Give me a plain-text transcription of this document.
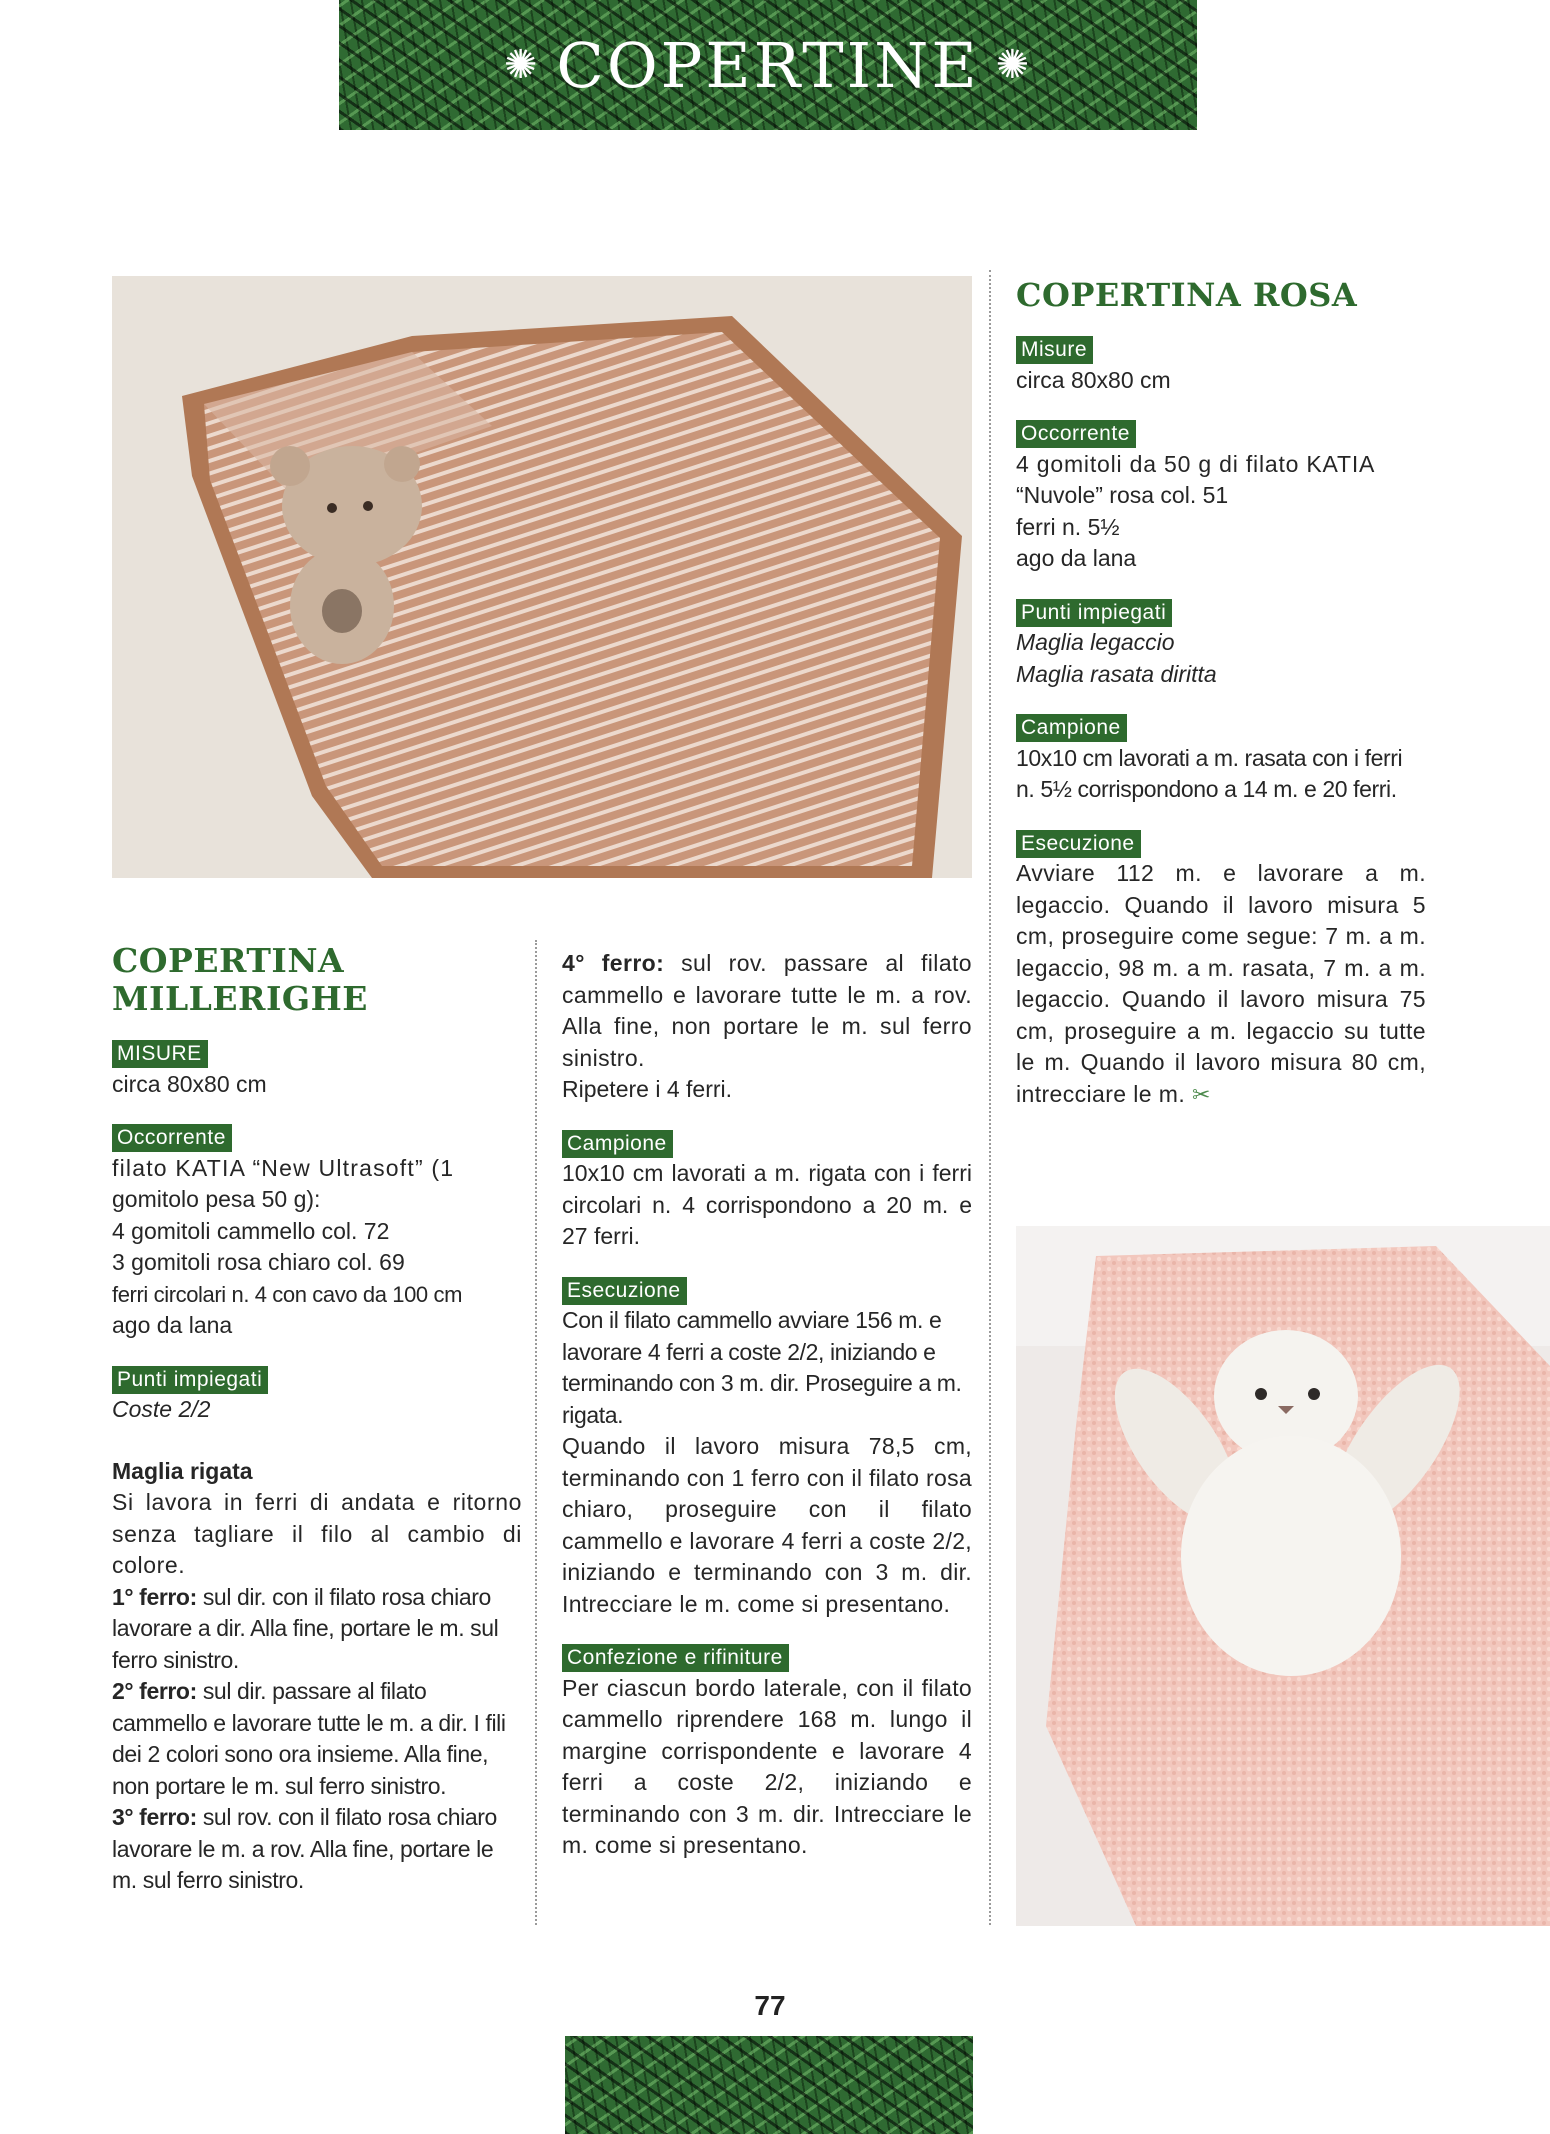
✺ COPERTINE ✺

COPERTINA

MILLERIGHE

MISURE

circa 80x80 cm

Occorrente

filato KATIA “New Ultrasoft” (1

gomitolo pesa 50 g):

4 gomitoli cammello col. 72

3 gomitoli rosa chiaro col. 69

ferri circolari n. 4 con cavo da 100 cm

ago da lana

Punti impiegati

Coste 2/2

Maglia rigata

Si lavora in ferri di andata e ritorno senza tagliare il filo al cambio di colore.

1° ferro: sul dir. con il filato rosa chiaro lavorare a dir. Alla fine, portare le m. sul ferro sinistro.

2° ferro: sul dir. passare al filato cammello e lavorare tutte le m. a dir. I fili dei 2 colori sono ora insieme. Alla fine, non portare le m. sul ferro sinistro.

3° ferro: sul rov. con il filato rosa chiaro lavorare le m. a rov. Alla fine, portare le m. sul ferro sinistro.

4° ferro: sul rov. passare al filato cammello e lavorare tutte le m. a rov. Alla fine, non portare le m. sul ferro sinistro.

Ripetere i 4 ferri.

Campione

10x10 cm lavorati a m. rigata con i ferri circolari n. 4 corrispondono a 20 m. e 27 ferri.

Esecuzione

Con il filato cammello avviare 156 m. e lavorare 4 ferri a coste 2/2, iniziando e terminando con 3 m. dir. Proseguire a m. rigata.

Quando il lavoro misura 78,5 cm, terminando con 1 ferro con il filato rosa chiaro, proseguire con il filato cammello e lavorare 4 ferri a coste 2/2, iniziando e terminando con 3 m. dir. Intrecciare le m. come si presentano.

Confezione e rifiniture

Per ciascun bordo laterale, con il filato cammello riprendere 168 m. lungo il margine corrispondente e lavorare 4 ferri a coste 2/2, iniziando e terminando con 3 m. dir. Intrecciare le m. come si presentano.

COPERTINA ROSA

Misure

circa 80x80 cm

Occorrente

4 gomitoli da 50 g di filato KATIA

“Nuvole” rosa col. 51

ferri n. 5½

ago da lana

Punti impiegati

Maglia legaccio

Maglia rasata diritta

Campione

10x10 cm lavorati a m. rasata con i ferri n. 5½ corrispondono a 14 m. e 20 ferri.

Esecuzione

Avviare 112 m. e lavorare a m. legaccio. Quando il lavoro misura 5 cm, proseguire come segue: 7 m. a m. legaccio, 98 m. a m. rasata, 7 m. a m. legaccio. Quando il lavoro misura 75 cm, proseguire a m. legaccio su tutte le m. Quando il lavoro misura 80 cm, intrecciare le m. ✂

77
